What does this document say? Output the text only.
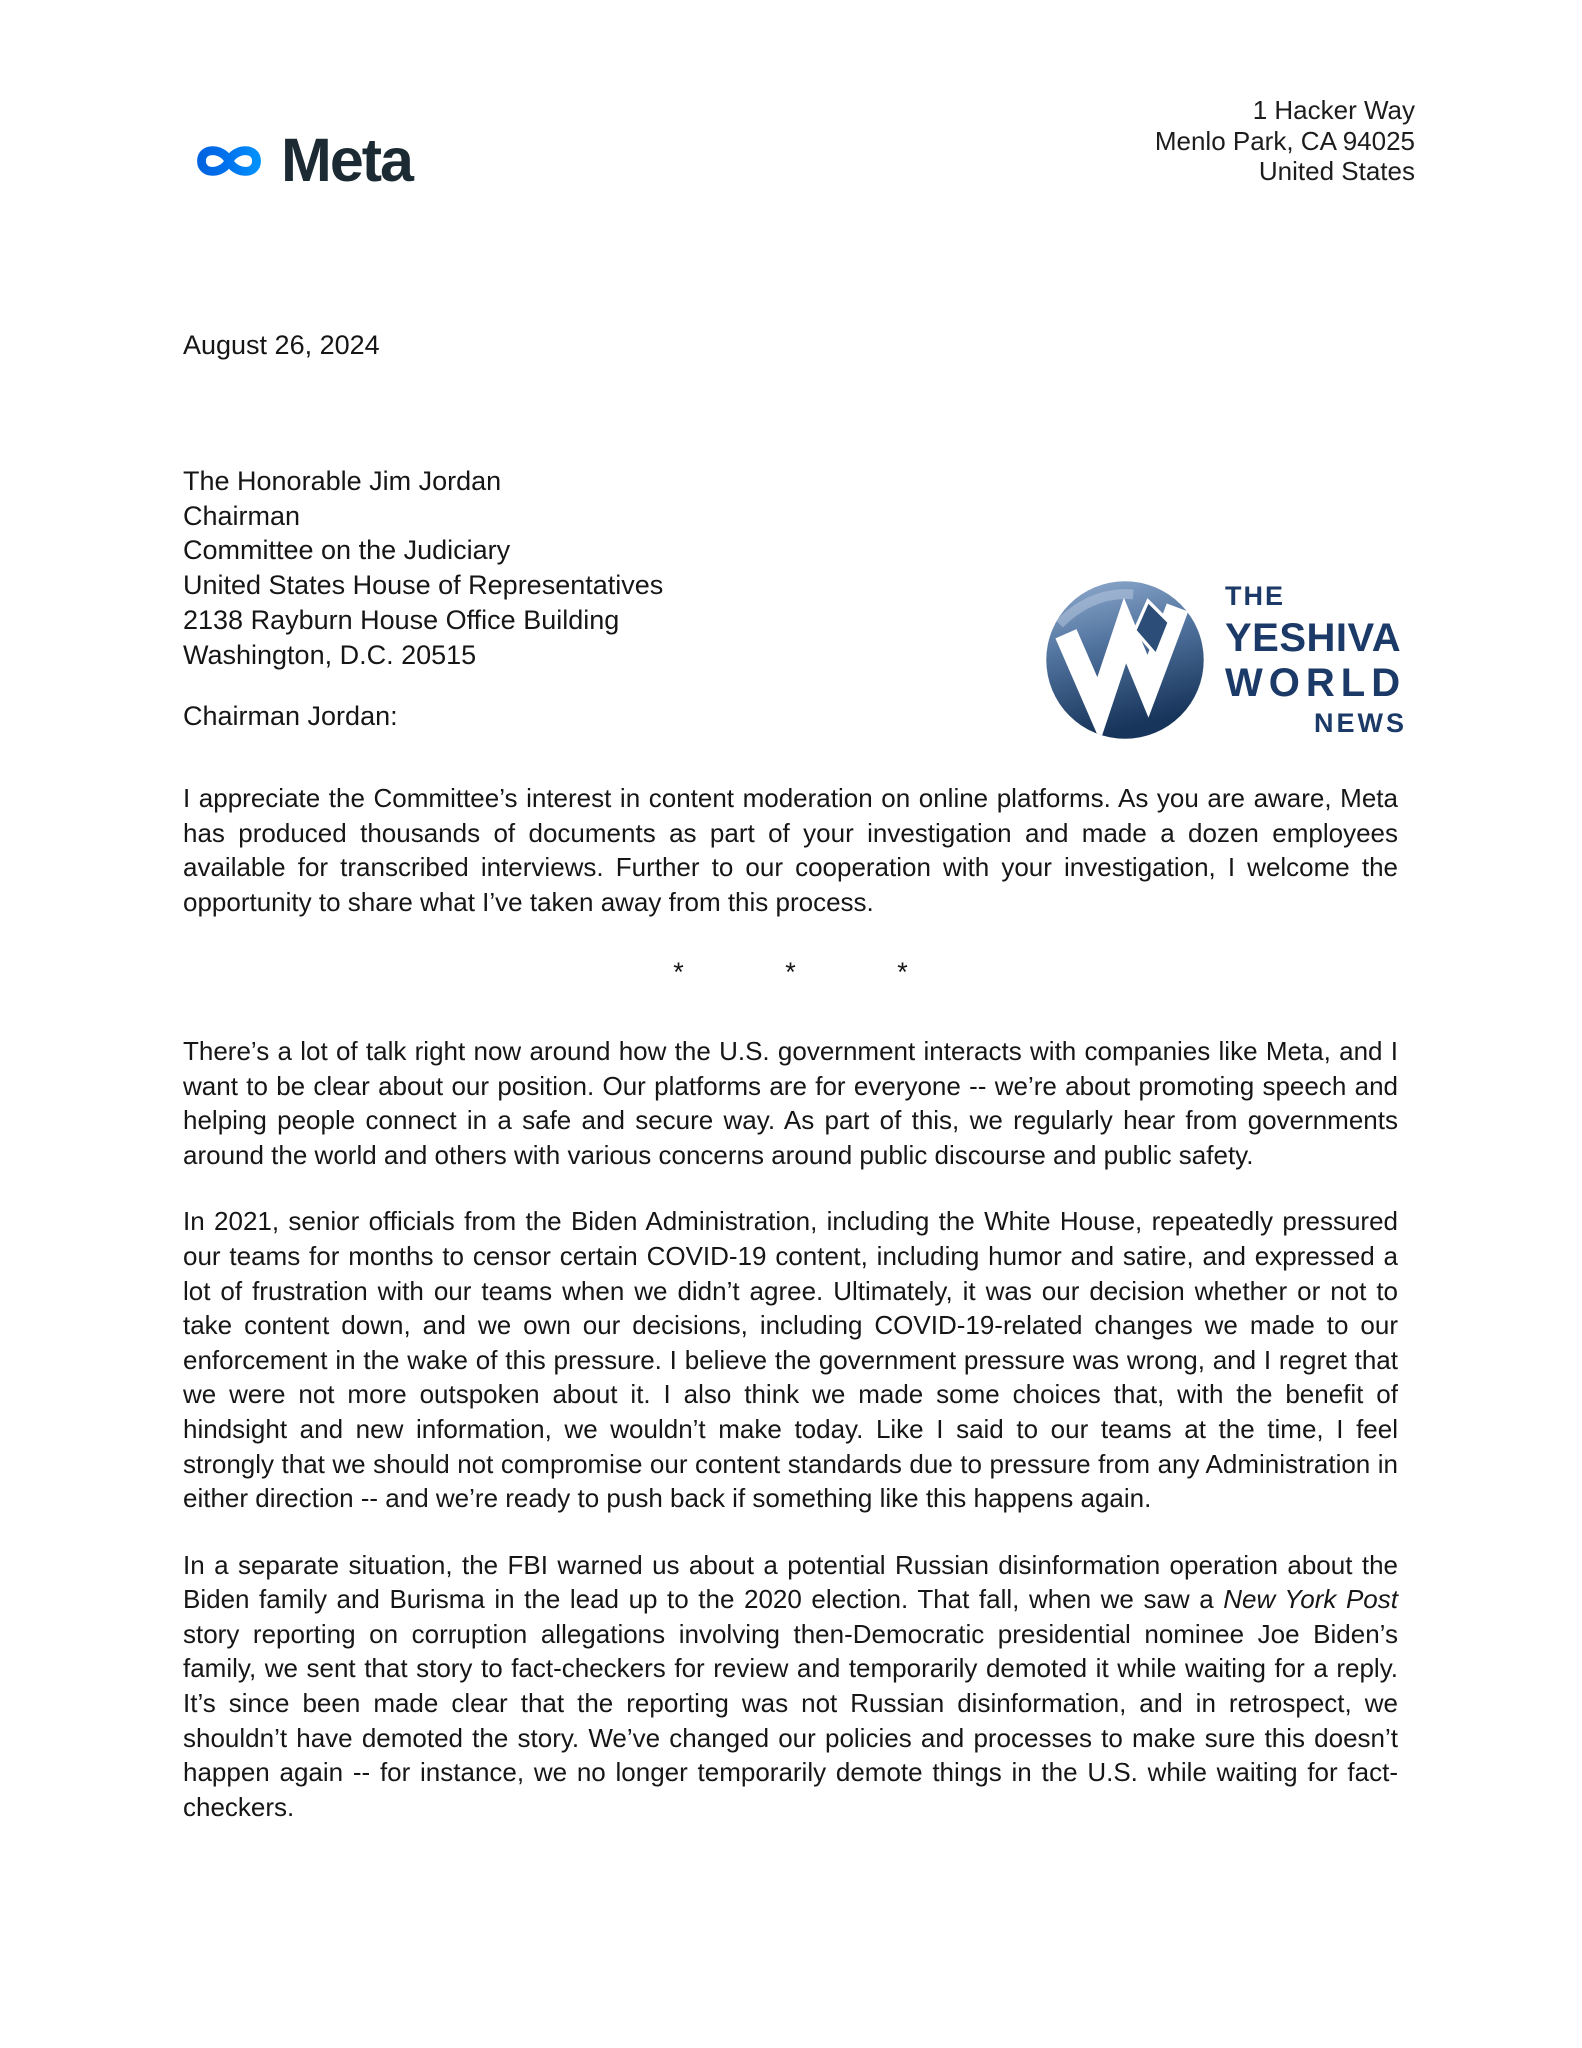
Meta
1 Hacker Way
Menlo Park, CA 94025
United States
August 26, 2024
The Honorable Jim Jordan
Chairman
Committee on the Judiciary
United States House of Representatives
2138 Rayburn House Office Building
Washington, D.C. 20515
THE
YESHIVA
WORLD
NEWS
Chairman Jordan:

I appreciate the Committee’s interest in content moderation on online platforms. As you are aware, Meta has produced thousands of documents as part of your investigation and made a dozen employees available for transcribed interviews. Further to our cooperation with your investigation, I welcome the opportunity to share what I’ve taken away from this process.

*	*	*

There’s a lot of talk right now around how the U.S. government interacts with companies like Meta, and I want to be clear about our position. Our platforms are for everyone -- we’re about promoting speech and helping people connect in a safe and secure way. As part of this, we regularly hear from governments around the world and others with various concerns around public discourse and public safety.

In 2021, senior officials from the Biden Administration, including the White House, repeatedly pressured our teams for months to censor certain COVID-19 content, including humor and satire, and expressed a lot of frustration with our teams when we didn’t agree. Ultimately, it was our decision whether or not to take content down, and we own our decisions, including COVID-19-related changes we made to our enforcement in the wake of this pressure. I believe the government pressure was wrong, and I regret that we were not more outspoken about it. I also think we made some choices that, with the benefit of hindsight and new information, we wouldn’t make today. Like I said to our teams at the time, I feel strongly that we should not compromise our content standards due to pressure from any Administration in either direction -- and we’re ready to push back if something like this happens again.

In a separate situation, the FBI warned us about a potential Russian disinformation operation about the Biden family and Burisma in the lead up to the 2020 election. That fall, when we saw a New York Post story reporting on corruption allegations involving then-Democratic presidential nominee Joe Biden’s family, we sent that story to fact-checkers for review and temporarily demoted it while waiting for a reply. It’s since been made clear that the reporting was not Russian disinformation, and in retrospect, we shouldn’t have demoted the story. We’ve changed our policies and processes to make sure this doesn’t happen again -- for instance, we no longer temporarily demote things in the U.S. while waiting for fact-checkers.
